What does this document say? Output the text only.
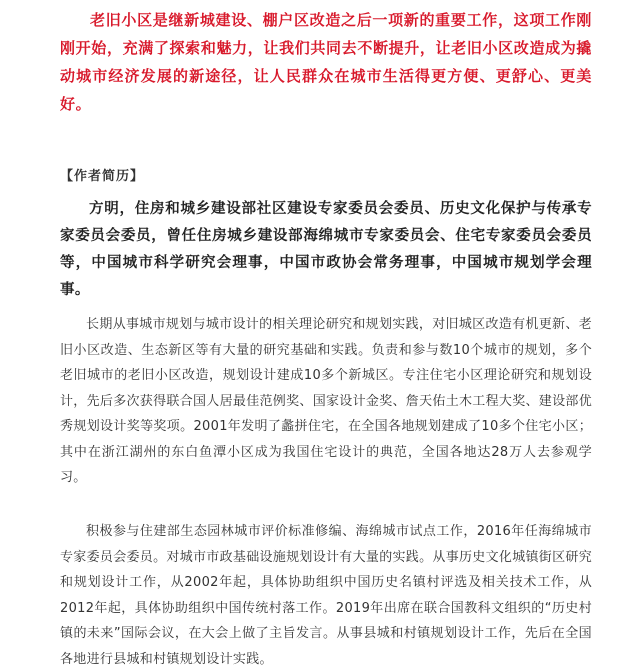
老旧小区是继新城建设、棚户区改造之后一项新的重要工作，这项工作刚刚开始，充满了探索和魅力，让我们共同去不断提升，让老旧小区改造成为撬动城市经济发展的新途径，让人民群众在城市生活得更方便、更舒心、更美好。

【作者简历】

方明，住房和城乡建设部社区建设专家委员会委员、历史文化保护与传承专家委员会委员，曾任住房城乡建设部海绵城市专家委员会、住宅专家委员会委员等，中国城市科学研究会理事，中国市政协会常务理事，中国城市规划学会理事。

长期从事城市规划与城市设计的相关理论研究和规划实践，对旧城区改造有机更新、老旧小区改造、生态新区等有大量的研究基础和实践。负责和参与数10个城市的规划，多个老旧城市的老旧小区改造，规划设计建成10多个新城区。专注住宅小区理论研究和规划设计，先后多次获得联合国人居最佳范例奖、国家设计金奖、詹天佑土木工程大奖、建设部优秀规划设计奖等奖项。2001年发明了蠡拼住宅，在全国各地规划建成了10多个住宅小区；其中在浙江湖州的东白鱼潭小区成为我国住宅设计的典范，全国各地达28万人去参观学习。

积极参与住建部生态园林城市评价标准修编、海绵城市试点工作，2016年任海绵城市专家委员会委员。对城市市政基础设施规划设计有大量的实践。从事历史文化城镇街区研究和规划设计工作，从2002年起，具体协助组织中国历史名镇村评选及相关技术工作，从2012年起，具体协助组织中国传统村落工作。2019年出席在联合国教科文组织的“历史村镇的未来”国际会议，在大会上做了主旨发言。从事县城和村镇规划设计工作，先后在全国各地进行县城和村镇规划设计实践。
